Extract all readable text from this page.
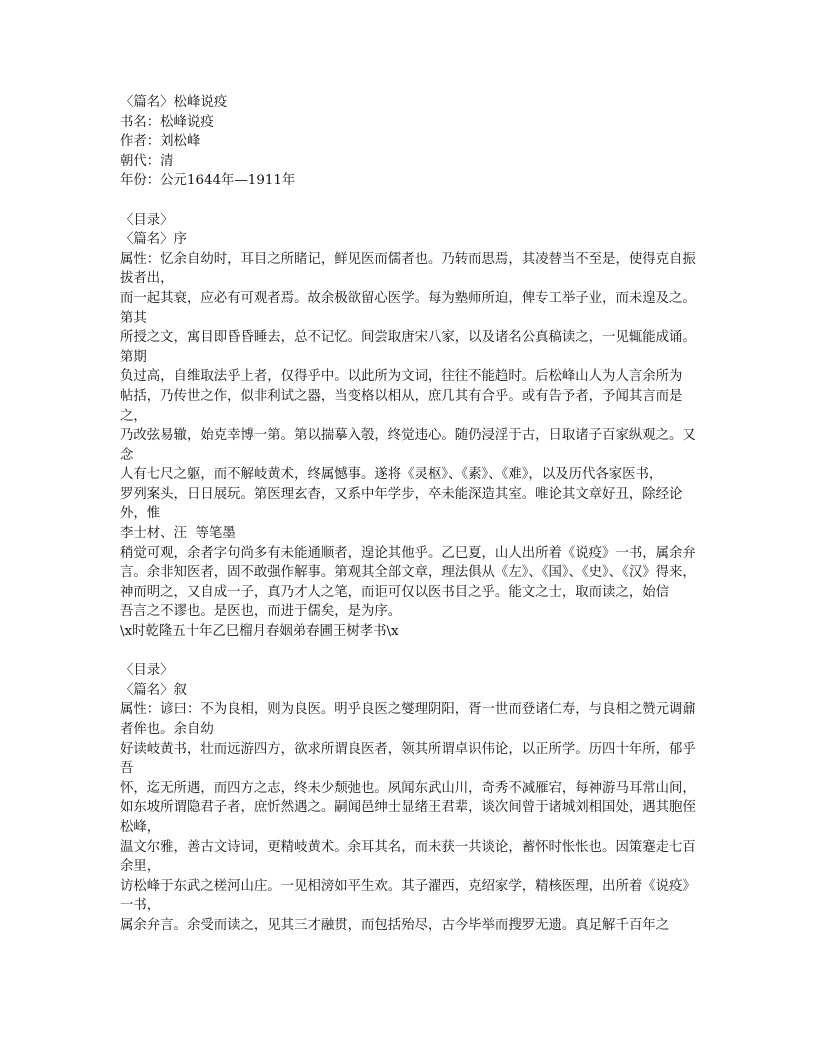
〈篇名〉松峰说疫

书名：松峰说疫

作者：刘松峰

朝代：清

年份：公元1644年—1911年

〈目录〉

〈篇名〉序

属性：忆余自幼时，耳目之所睹记，鲜见医而儒者也。乃转而思焉，其凌替当不至是，使得克自振拔者出，

而一起其衰，应必有可观者焉。故余极欲留心医学。每为塾师所迫，俾专工举子业，而未遑及之。第其

所授之文，寓目即昏昏睡去，总不记忆。间尝取唐宋八家，以及诸名公真稿读之，一见辄能成诵。第期

负过高，自维取法乎上者，仅得乎中。以此所为文词，往往不能趋时。后松峰山人为人言余所为

帖括，乃传世之作，似非利试之器，当变格以相从，庶几其有合乎。或有告予者，予闻其言而是之，

乃改弦易辙，始克幸博一第。第以揣摹入彀，终觉违心。随仍浸淫于古，日取诸子百家纵观之。又念

人有七尺之躯，而不解岐黄术，终属憾事。遂将《灵枢》、《素》、《难》，以及历代各家医书，

罗列案头，日日展玩。第医理玄杳，又系中年学步，卒未能深造其室。唯论其文章好丑，除经论外，惟

李士材、汪  等笔墨

稍觉可观，余者字句尚多有未能通顺者，遑论其他乎。乙巳夏，山人出所着《说疫》一书，属余弁

言。余非知医者，固不敢强作解事。第观其全部文章，理法俱从《左》、《国》、《史》、《汉》得来，神而明之，又自成一子，真乃才人之笔，而讵可仅以医书目之乎。能文之士，取而读之，始信

吾言之不谬也。是医也，而进于儒矣，是为序。

\x时乾隆五十年乙巳榴月春姻弟春圃王树孝书\x

〈目录〉

〈篇名〉叙

属性：谚曰：不为良相，则为良医。明乎良医之燮理阴阳，胥一世而登诸仁寿，与良相之赞元调鼐者侔也。余自幼

好读岐黄书，壮而远游四方，欲求所谓良医者，领其所谓卓识伟论，以正所学。历四十年所，郁乎吾

怀，迄无所遇，而四方之志，终未少颓弛也。夙闻东武山川，奇秀不减雁宕，每神游马耳常山间，

如东坡所谓隐君子者，庶忻然遇之。嗣闻邑绅士显绪王君辈，谈次间曾于诸城刘相国处，遇其胞侄松峰，

温文尔雅，善古文诗词，更精岐黄术。余耳其名，而未获一共谈论，蓄怀时怅怅也。因策蹇走七百余里，

访松峰于东武之槎河山庄。一见相滂如平生欢。其子濯西，克绍家学，精核医理，出所着《说疫》一书，

属余弁言。余受而读之，见其三才融贯，而包括殆尽，古今毕举而搜罗无遗。真足解千百年之
